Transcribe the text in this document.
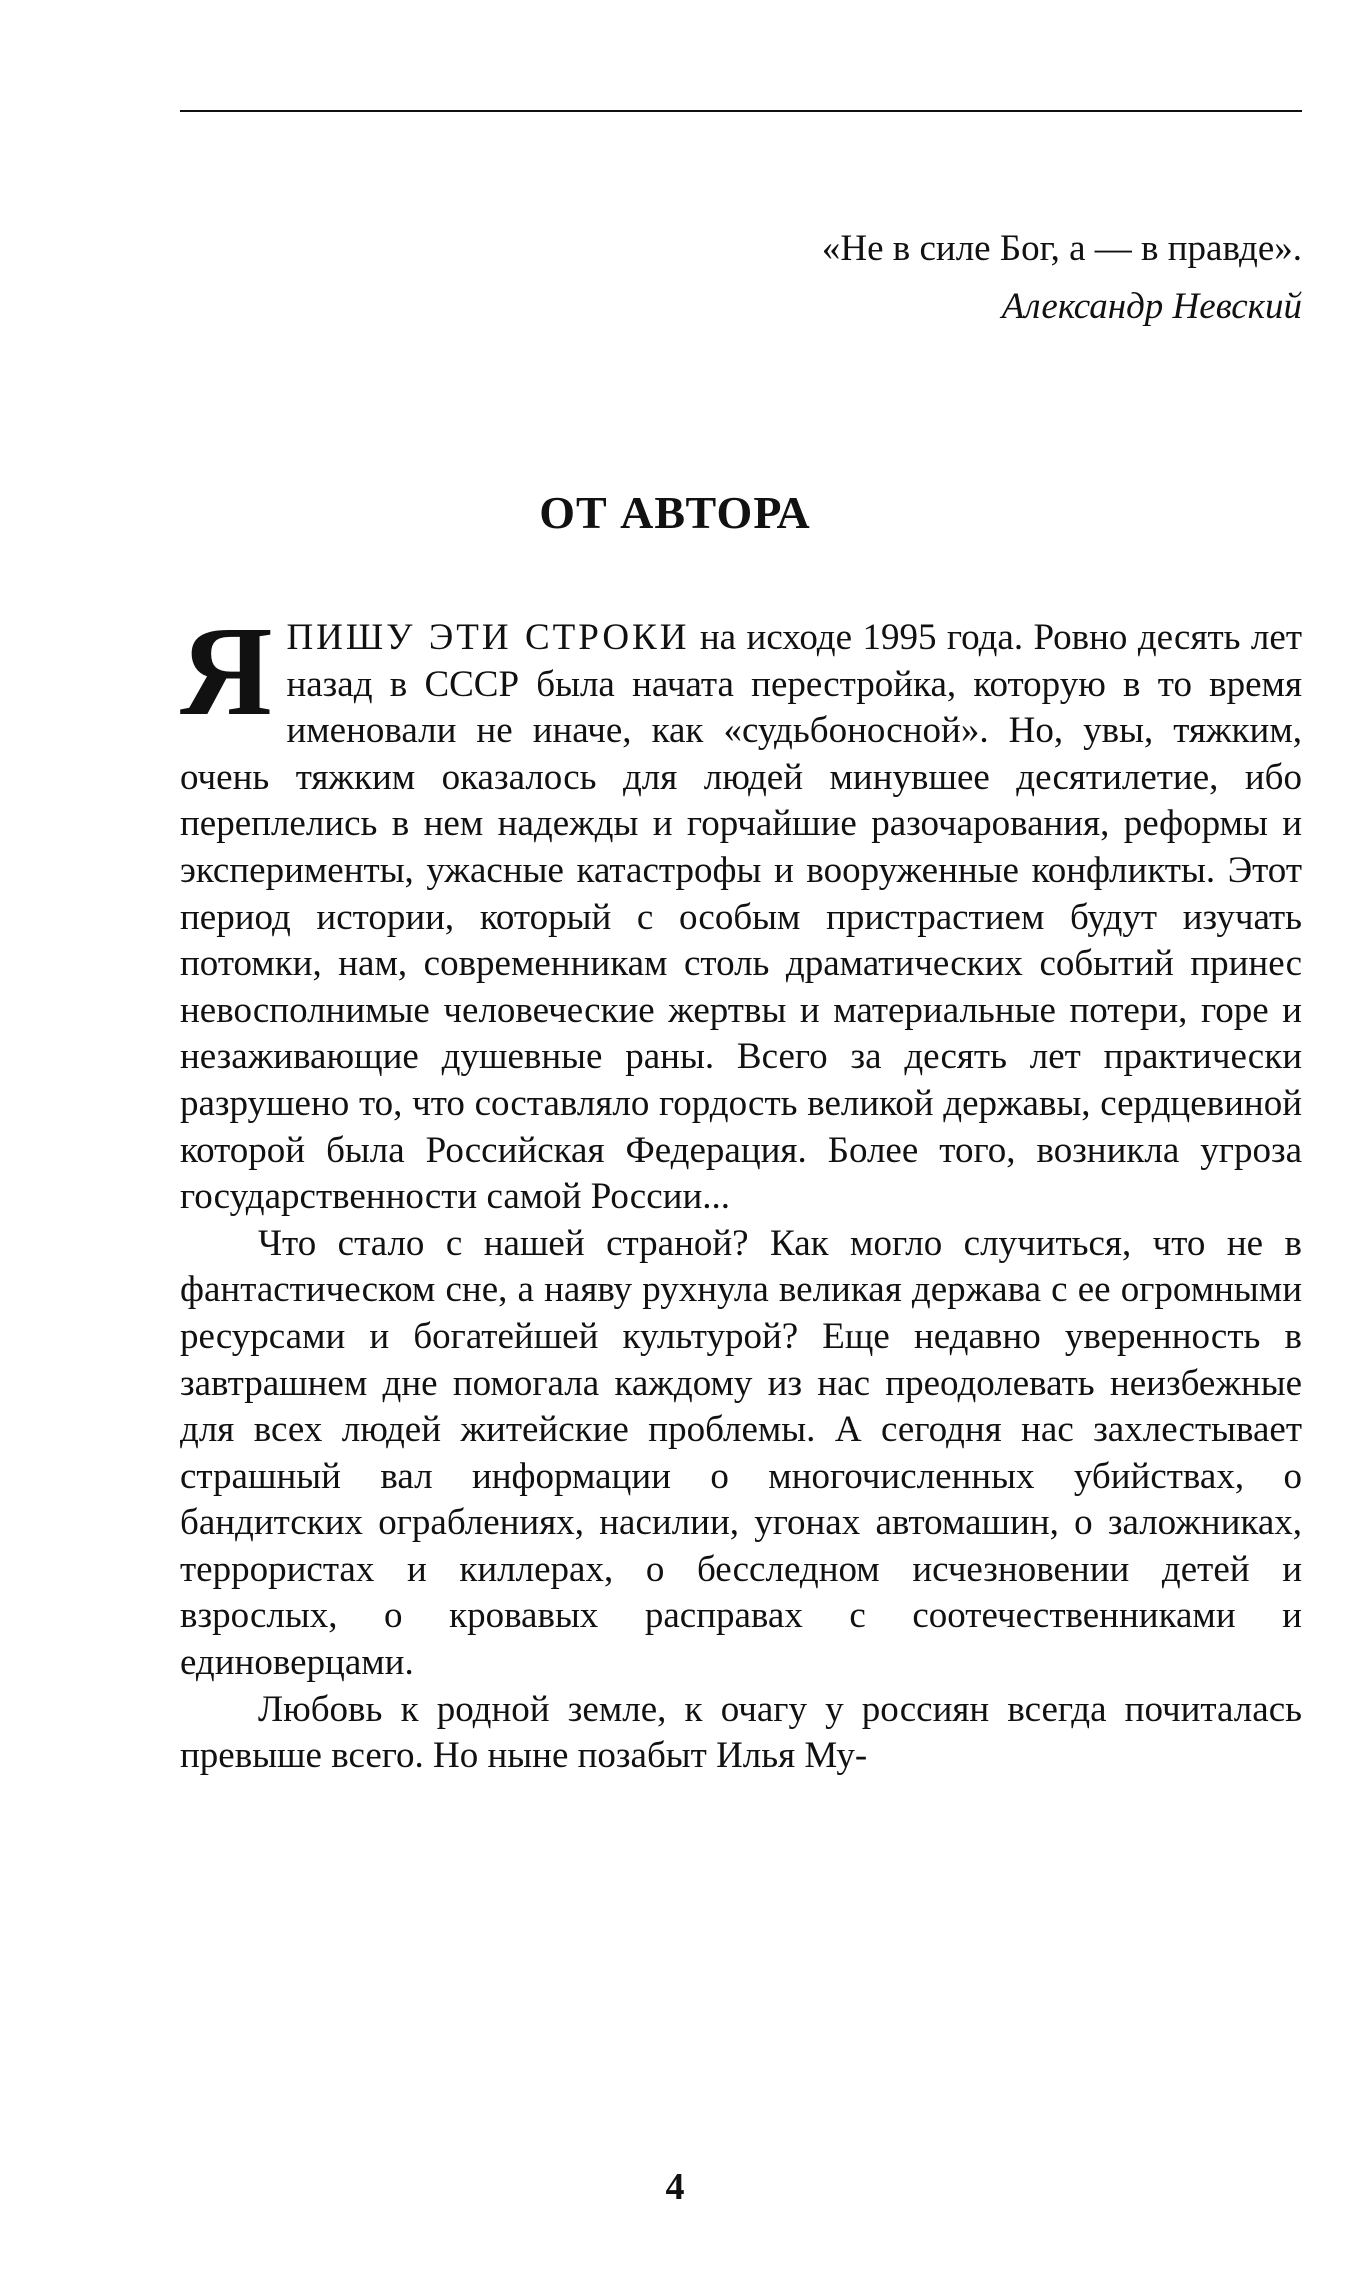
«Не в силе Бог, а — в правде».
Александр Невский
ОТ АВТОРА

ЯПИШУ ЭТИ СТРОКИ на исходе 1995 года. Ровно десять лет назад в СССР была начата перестройка, которую в то время именовали не иначе, как «судьбоносной». Но, увы, тяжким, очень тяжким оказалось для людей минувшее десятилетие, ибо переплелись в нем надежды и горчайшие разочарования, реформы и эксперименты, ужасные катастрофы и вооруженные конфликты. Этот период истории, который с особым пристрастием будут изучать потомки, нам, современникам столь драматических событий принес невосполнимые человеческие жертвы и материальные потери, горе и незаживающие душевные раны. Всего за десять лет практически разрушено то, что составляло гордость великой державы, сердцевиной которой была Российская Федерация. Более того, возникла угроза государственности самой России...

Что стало с нашей страной? Как могло случиться, что не в фантастическом сне, а наяву рухнула великая держава с ее огромными ресурсами и богатейшей культурой? Еще недавно уверенность в завтрашнем дне помогала каждому из нас преодолевать неизбежные для всех людей житейские проблемы. А сегодня нас захлестывает страшный вал информации о многочисленных убийствах, о бандитских ограблениях, насилии, угонах автомашин, о заложниках, террористах и киллерах, о бесследном исчезновении детей и взрослых, о кровавых расправах с соотечественниками и единоверцами.

Любовь к родной земле, к очагу у россиян всегда почиталась превыше всего. Но ныне позабыт Илья Му-

4
